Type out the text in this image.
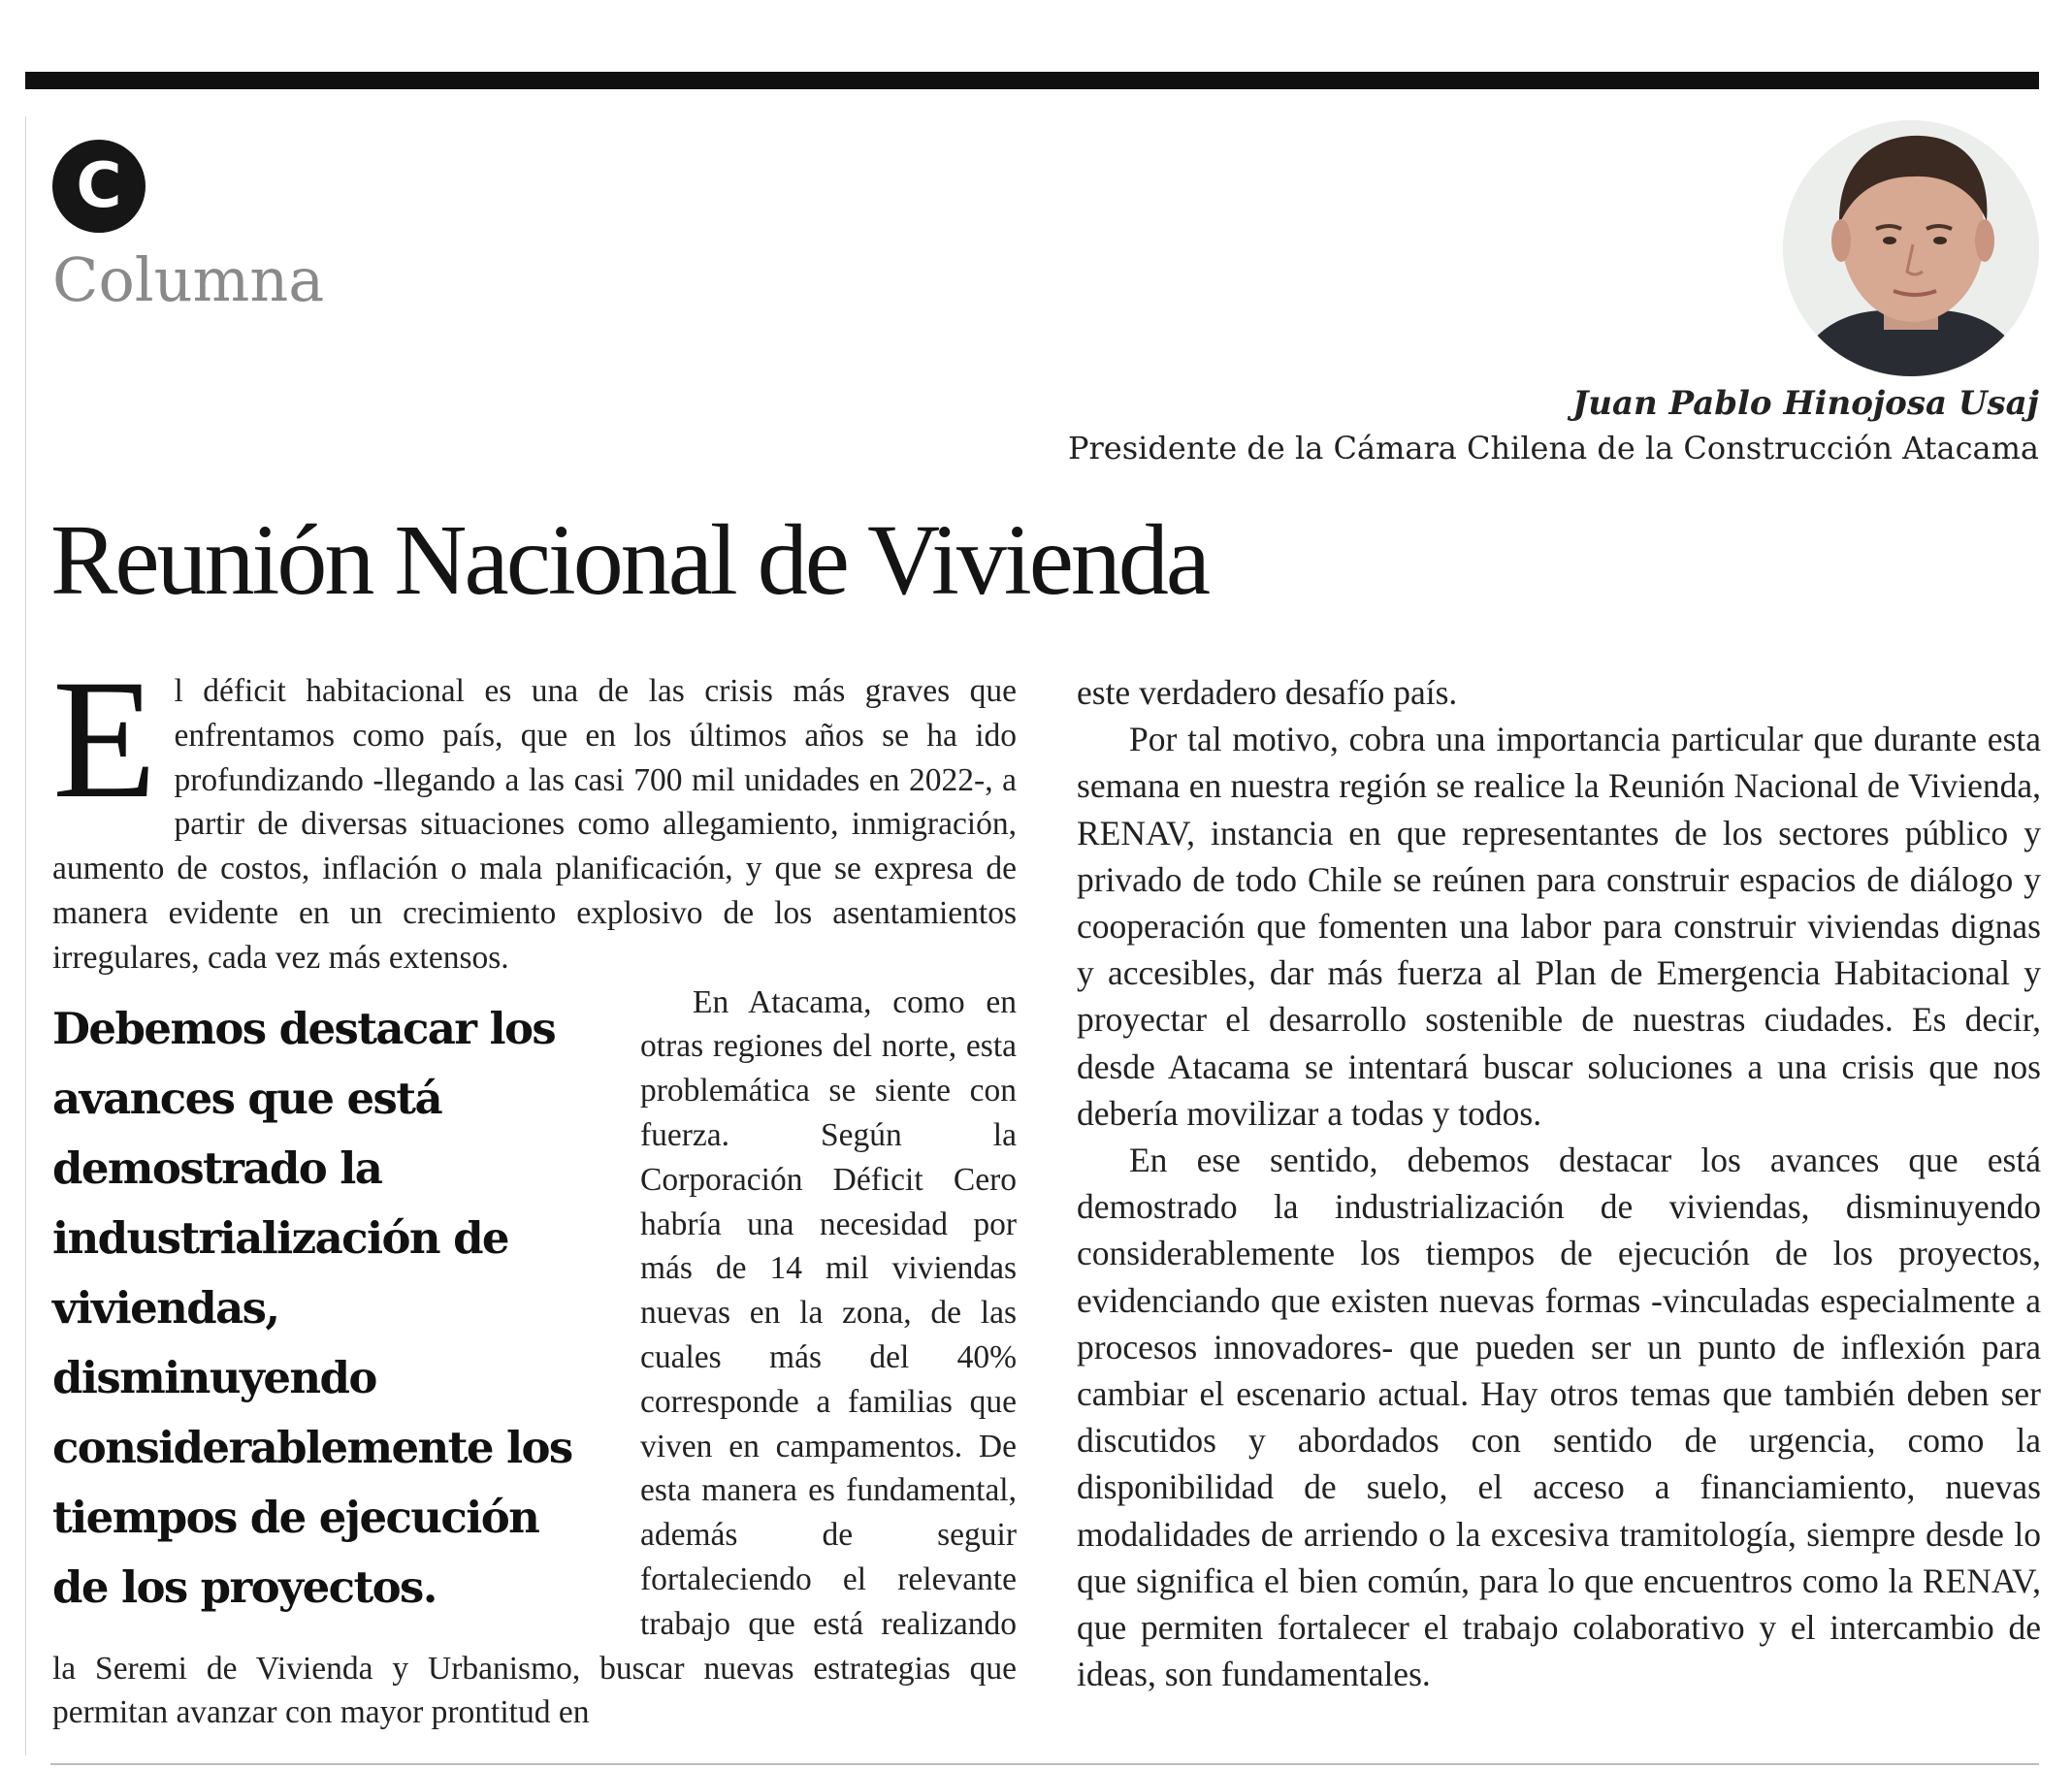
C
Columna
Juan Pablo Hinojosa Usaj
Presidente de la Cámara Chilena de la Construcción Atacama
Reunión Nacional de Vivienda

El déficit habitacional es una de las crisis más graves que enfrentamos como país, que en los últimos años se ha ido profundizando -llegando a las casi 700 mil unidades en 2022-, a partir de diversas situaciones como allegamiento, inmigración, aumento de costos, inflación o mala planificación, y que se expresa de manera evidente en un crecimiento explosivo de los asentamientos irregulares, cada vez más extensos.

Debemos destacar los avances que está demostrado la industrialización de viviendas, disminuyendo considerablemente los tiempos de ejecución de los proyectos.

En Atacama, como en otras regiones del norte, esta problemática se siente con fuerza. Según la Corporación Déficit Cero habría una necesidad por más de 14 mil viviendas nuevas en la zona, de las cuales más del 40% corresponde a familias que viven en campamentos. De esta manera es fundamental, además de seguir fortaleciendo el relevante trabajo que está realizando la Seremi de Vivienda y Urbanismo, buscar nuevas estrategias que permitan avanzar con mayor prontitud en

este verdadero desafío país.

Por tal motivo, cobra una importancia particular que durante esta semana en nuestra región se realice la Reunión Nacional de Vivienda, RENAV, instancia en que representantes de los sectores público y privado de todo Chile se reúnen para construir espacios de diálogo y cooperación que fomenten una labor para construir viviendas dignas y accesibles, dar más fuerza al Plan de Emergencia Habitacional y proyectar el desarrollo sostenible de nuestras ciudades. Es decir, desde Atacama se intentará buscar soluciones a una crisis que nos debería movilizar a todas y todos.

En ese sentido, debemos destacar los avances que está demostrado la industrialización de viviendas, disminuyendo considerablemente los tiempos de ejecución de los proyectos, evidenciando que existen nuevas formas -vinculadas especialmente a procesos innovadores- que pueden ser un punto de inflexión para cambiar el escenario actual. Hay otros temas que también deben ser discutidos y abordados con sentido de urgencia, como la disponibilidad de suelo, el acceso a financiamiento, nuevas modalidades de arriendo o la excesiva tramitología, siempre desde lo que significa el bien común, para lo que encuentros como la RENAV, que permiten fortalecer el trabajo colaborativo y el intercambio de ideas, son fundamentales.
